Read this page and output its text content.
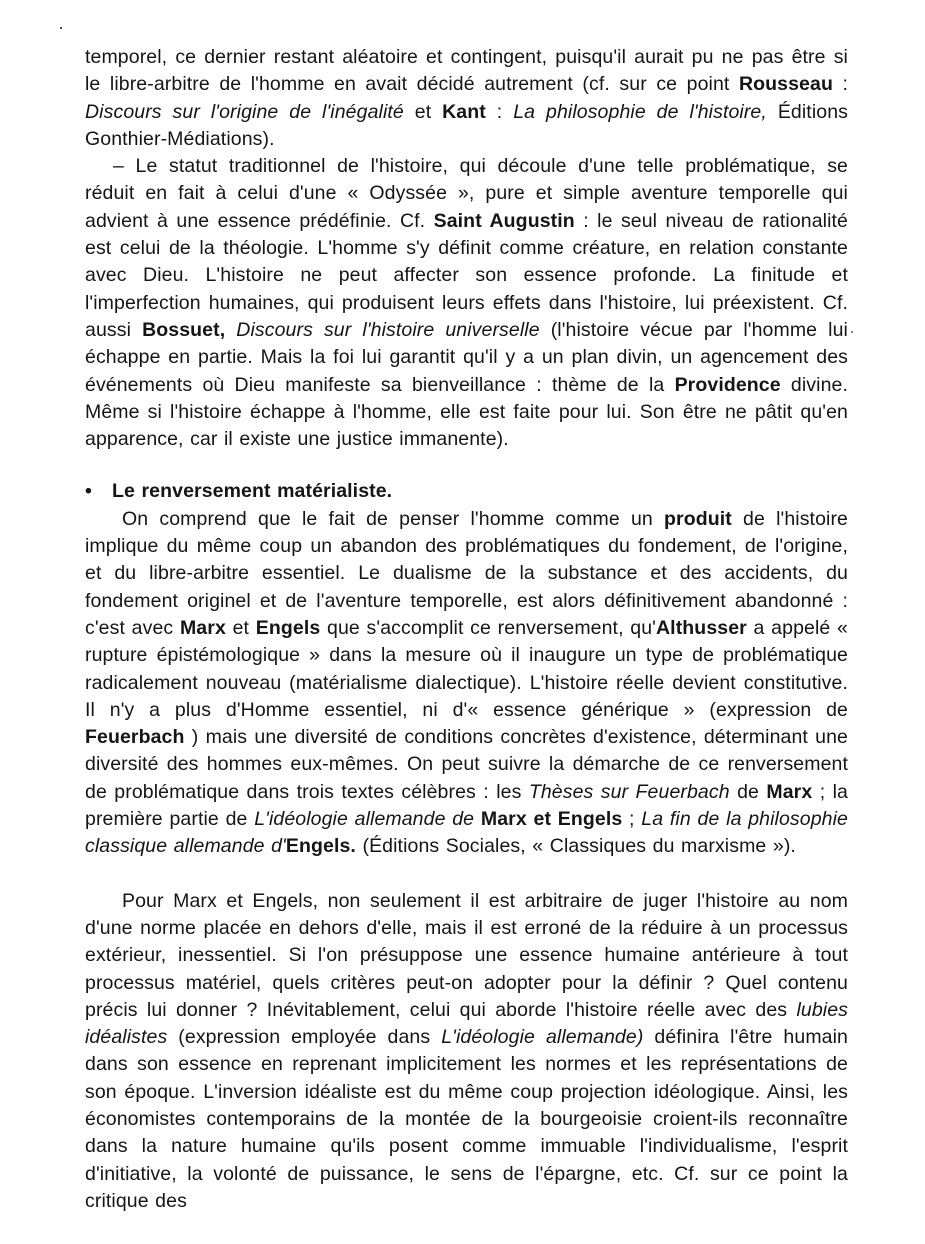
temporel, ce dernier restant aléatoire et contingent, puisqu'il aurait pu ne pas être si le libre-arbitre de l'homme en avait décidé autrement (cf. sur ce point Rousseau : Discours sur l'origine de l'inégalité et Kant : La philosophie de l'histoire, Éditions Gonthier-Médiations).

– Le statut traditionnel de l'histoire, qui découle d'une telle problématique, se réduit en fait à celui d'une « Odyssée », pure et simple aventure temporelle qui advient à une essence prédéfinie. Cf. Saint Augustin : le seul niveau de rationalité est celui de la théologie. L'homme s'y définit comme créature, en relation constante avec Dieu. L'histoire ne peut affecter son essence profonde. La finitude et l'imperfection humaines, qui produisent leurs effets dans l'histoire, lui préexistent. Cf. aussi Bossuet, Discours sur l'histoire universelle (l'histoire vécue par l'homme lui échappe en partie. Mais la foi lui garantit qu'il y a un plan divin, un agencement des événements où Dieu manifeste sa bienveillance : thème de la Providence divine. Même si l'histoire échappe à l'homme, elle est faite pour lui. Son être ne pâtit qu'en apparence, car il existe une justice immanente).

• Le renversement matérialiste.

On comprend que le fait de penser l'homme comme un produit de l'histoire implique du même coup un abandon des problématiques du fondement, de l'origine, et du libre-arbitre essentiel. Le dualisme de la substance et des accidents, du fondement originel et de l'aventure temporelle, est alors définitivement abandonné : c'est avec Marx et Engels que s'accomplit ce renversement, qu'Althusser a appelé « rupture épistémologique » dans la mesure où il inaugure un type de problématique radicalement nouveau (matérialisme dialectique). L'histoire réelle devient constitutive. Il n'y a plus d'Homme essentiel, ni d'« essence générique » (expression de Feuerbach ) mais une diversité de conditions concrètes d'existence, déterminant une diversité des hommes eux-mêmes. On peut suivre la démarche de ce renversement de problématique dans trois textes célèbres : les Thèses sur Feuerbach de Marx ; la première partie de L'idéologie allemande de Marx et Engels ; La fin de la philosophie classique allemande d'Engels. (Éditions Sociales, « Classiques du marxisme »).

Pour Marx et Engels, non seulement il est arbitraire de juger l'histoire au nom d'une norme placée en dehors d'elle, mais il est erroné de la réduire à un processus extérieur, inessentiel. Si l'on présuppose une essence humaine antérieure à tout processus matériel, quels critères peut-on adopter pour la définir ? Quel contenu précis lui donner ? Inévitablement, celui qui aborde l'histoire réelle avec des lubies idéalistes (expression employée dans L'idéologie allemande) définira l'être humain dans son essence en reprenant implicitement les normes et les représentations de son époque. L'inversion idéaliste est du même coup projection idéologique. Ainsi, les économistes contemporains de la montée de la bourgeoisie croient-ils reconnaître dans la nature humaine qu'ils posent comme immuable l'individualisme, l'esprit d'initiative, la volonté de puissance, le sens de l'épargne, etc. Cf. sur ce point la critique des
